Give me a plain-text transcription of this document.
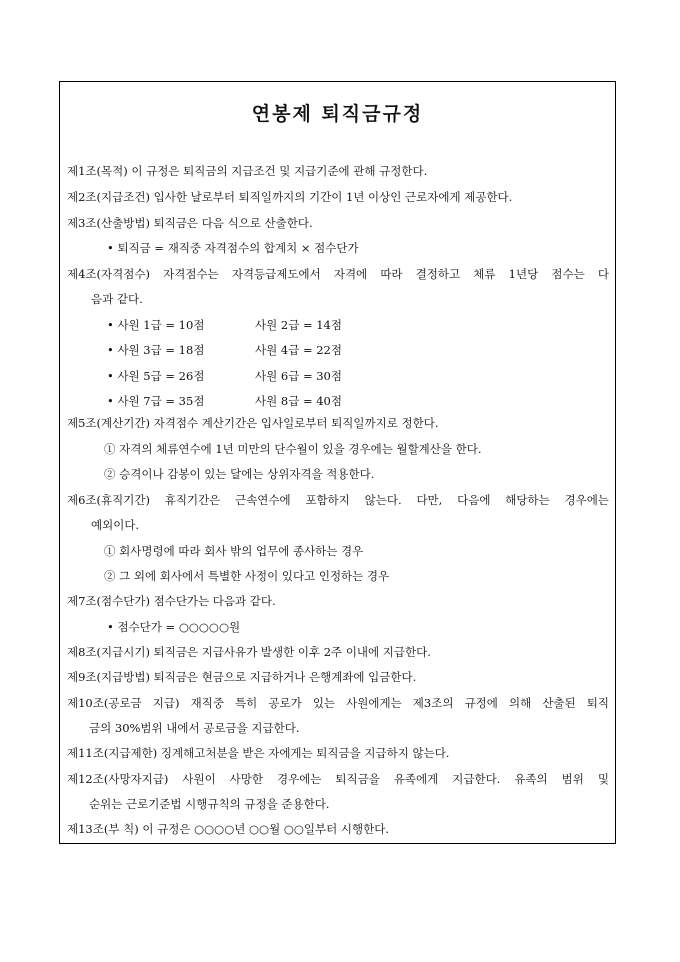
연봉제 퇴직금규정
제1조(목적) 이 규정은 퇴직금의 지급조건 및 지급기준에 관해 규정한다.
제2조(지급조건) 입사한 날로부터 퇴직일까지의 기간이 1년 이상인 근로자에게 제공한다.
제3조(산출방법) 퇴직금은 다음 식으로 산출한다.
• 퇴직금 = 재직중 자격점수의 합계치 × 점수단가
제4조(자격점수) 자격점수는 자격등급제도에서 자격에 따라 결정하고 체류 1년당 점수는 다
음과 같다.
• 사원 1급 = 10점	사원 2급 = 14점
• 사원 3급 = 18점	사원 4급 = 22점
• 사원 5급 = 26점	사원 6급 = 30점
• 사원 7급 = 35점	사원 8급 = 40점
제5조(계산기간) 자격점수 계산기간은 입사일로부터 퇴직일까지로 정한다.
① 자격의 체류연수에 1년 미만의 단수월이 있을 경우에는 월할계산을 한다.
② 승격이나 감봉이 있는 달에는 상위자격을 적용한다.
제6조(휴직기간) 휴직기간은 근속연수에 포함하지 않는다. 다만, 다음에 해당하는 경우에는
예외이다.
① 회사명령에 따라 회사 밖의 업무에 종사하는 경우
② 그 외에 회사에서 특별한 사정이 있다고 인정하는 경우
제7조(점수단가) 점수단가는 다음과 같다.
• 점수단가 = ○○○○○원
제8조(지급시기) 퇴직금은 지급사유가 발생한 이후 2주 이내에 지급한다.
제9조(지급방법) 퇴직금은 현금으로 지급하거나 은행계좌에 입금한다.
제10조(공로금 지급) 재직중 특히 공로가 있는 사원에게는 제3조의 규정에 의해 산출된 퇴직
금의 30%범위 내에서 공로금을 지급한다.
제11조(지급제한) 징계해고처분을 받은 자에게는 퇴직금을 지급하지 않는다.
제12조(사망자지급) 사원이 사망한 경우에는 퇴직금을 유족에게 지급한다. 유족의 범위 및
순위는 근로기준법 시행규칙의 규정을 준용한다.
제13조(부 칙) 이 규정은 ○○○○년 ○○월 ○○일부터 시행한다.
